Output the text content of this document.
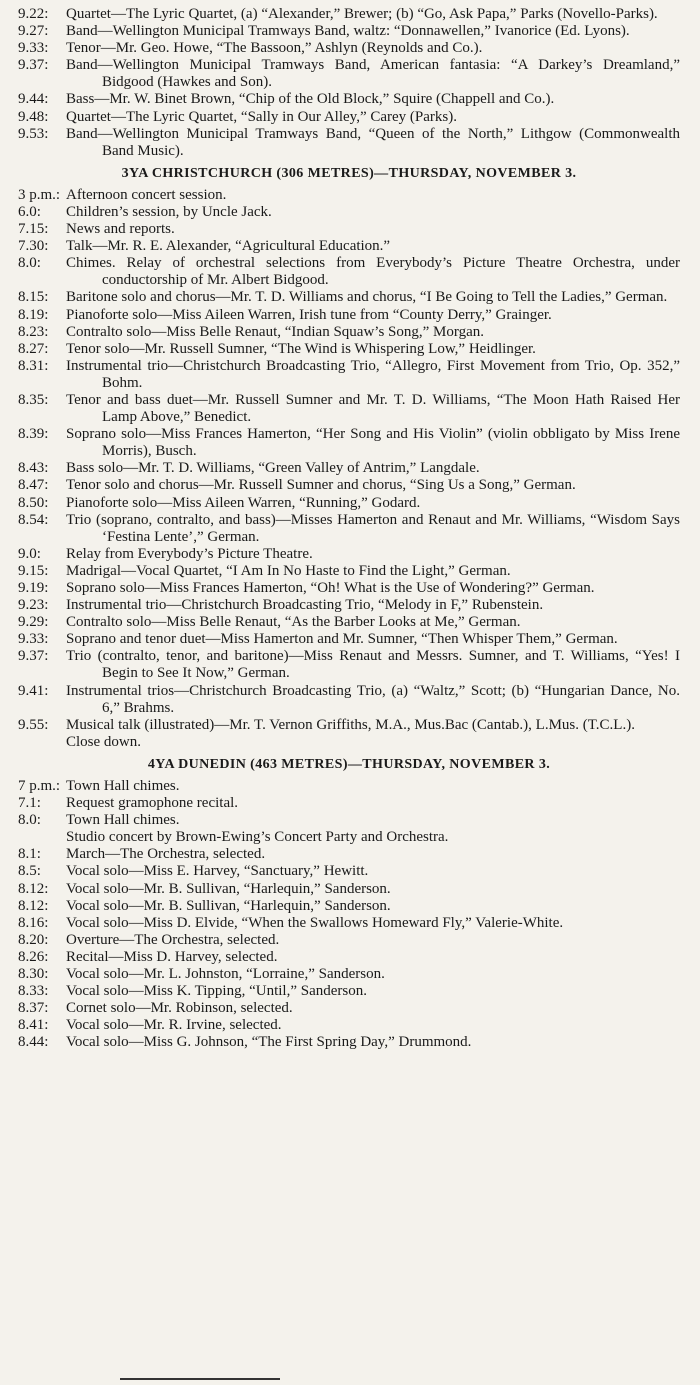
9.22: Quartet—The Lyric Quartet, (a) “Alexander,” Brewer; (b) “Go, Ask Papa,” Parks (Novello-Parks).
9.27: Band—Wellington Municipal Tramways Band, waltz: “Donnawellen,” Ivanorice (Ed. Lyons).
9.33: Tenor—Mr. Geo. Howe, “The Bassoon,” Ashlyn (Reynolds and Co.).
9.37: Band—Wellington Municipal Tramways Band, American fantasia: “A Darkey’s Dreamland,” Bidgood (Hawkes and Son).
9.44: Bass—Mr. W. Binet Brown, “Chip of the Old Block,” Squire (Chappell and Co.).
9.48: Quartet—The Lyric Quartet, “Sally in Our Alley,” Carey (Parks).
9.53: Band—Wellington Municipal Tramways Band, “Queen of the North,” Lithgow (Commonwealth Band Music).
3YA CHRISTCHURCH (306 METRES)—THURSDAY, NOVEMBER 3.
3 p.m.: Afternoon concert session.
6.0: Children’s session, by Uncle Jack.
7.15: News and reports.
7.30: Talk—Mr. R. E. Alexander, “Agricultural Education.”
8.0: Chimes. Relay of orchestral selections from Everybody’s Picture Theatre Orchestra, under conductorship of Mr. Albert Bidgood.
8.15: Baritone solo and chorus—Mr. T. D. Williams and chorus, “I Be Going to Tell the Ladies,” German.
8.19: Pianoforte solo—Miss Aileen Warren, Irish tune from “County Derry,” Grainger.
8.23: Contralto solo—Miss Belle Renaut, “Indian Squaw’s Song,” Morgan.
8.27: Tenor solo—Mr. Russell Sumner, “The Wind is Whispering Low,” Heidlinger.
8.31: Instrumental trio—Christchurch Broadcasting Trio, “Allegro, First Movement from Trio, Op. 352,” Bohm.
8.35: Tenor and bass duet—Mr. Russell Sumner and Mr. T. D. Williams, “The Moon Hath Raised Her Lamp Above,” Benedict.
8.39: Soprano solo—Miss Frances Hamerton, “Her Song and His Violin” (violin obbligato by Miss Irene Morris), Busch.
8.43: Bass solo—Mr. T. D. Williams, “Green Valley of Antrim,” Langdale.
8.47: Tenor solo and chorus—Mr. Russell Sumner and chorus, “Sing Us a Song,” German.
8.50: Pianoforte solo—Miss Aileen Warren, “Running,” Godard.
8.54: Trio (soprano, contralto, and bass)—Misses Hamerton and Renaut and Mr. Williams, “Wisdom Says ‘Festina Lente’,” German.
9.0: Relay from Everybody’s Picture Theatre.
9.15: Madrigal—Vocal Quartet, “I Am In No Haste to Find the Light,” German.
9.19: Soprano solo—Miss Frances Hamerton, “Oh! What is the Use of Wondering?” German.
9.23: Instrumental trio—Christchurch Broadcasting Trio, “Melody in F,” Rubenstein.
9.29: Contralto solo—Miss Belle Renaut, “As the Barber Looks at Me,” German.
9.33: Soprano and tenor duet—Miss Hamerton and Mr. Sumner, “Then Whisper Them,” German.
9.37: Trio (contralto, tenor, and baritone)—Miss Renaut and Messrs. Sumner, and T. Williams, “Yes! I Begin to See It Now,” German.
9.41: Instrumental trios—Christchurch Broadcasting Trio, (a) “Waltz,” Scott; (b) “Hungarian Dance, No. 6,” Brahms.
9.55: Musical talk (illustrated)—Mr. T. Vernon Griffiths, M.A., Mus.Bac (Cantab.), L.Mus. (T.C.L.).
Close down.
4YA DUNEDIN (463 METRES)—THURSDAY, NOVEMBER 3.
7 p.m.: Town Hall chimes.
7.1: Request gramophone recital.
8.0: Town Hall chimes.
Studio concert by Brown-Ewing’s Concert Party and Orchestra.
8.1: March—The Orchestra, selected.
8.5: Vocal solo—Miss E. Harvey, “Sanctuary,” Hewitt.
8.12: Vocal solo—Mr. B. Sullivan, “Harlequin,” Sanderson.
8.12: Vocal solo—Mr. B. Sullivan, “Harlequin,” Sanderson.
8.16: Vocal solo—Miss D. Elvide, “When the Swallows Homeward Fly,” Valerie-White.
8.20: Overture—The Orchestra, selected.
8.26: Recital—Miss D. Harvey, selected.
8.30: Vocal solo—Mr. L. Johnston, “Lorraine,” Sanderson.
8.33: Vocal solo—Miss K. Tipping, “Until,” Sanderson.
8.37: Cornet solo—Mr. Robinson, selected.
8.41: Vocal solo—Mr. R. Irvine, selected.
8.44: Vocal solo—Miss G. Johnson, “The First Spring Day,” Drummond.
